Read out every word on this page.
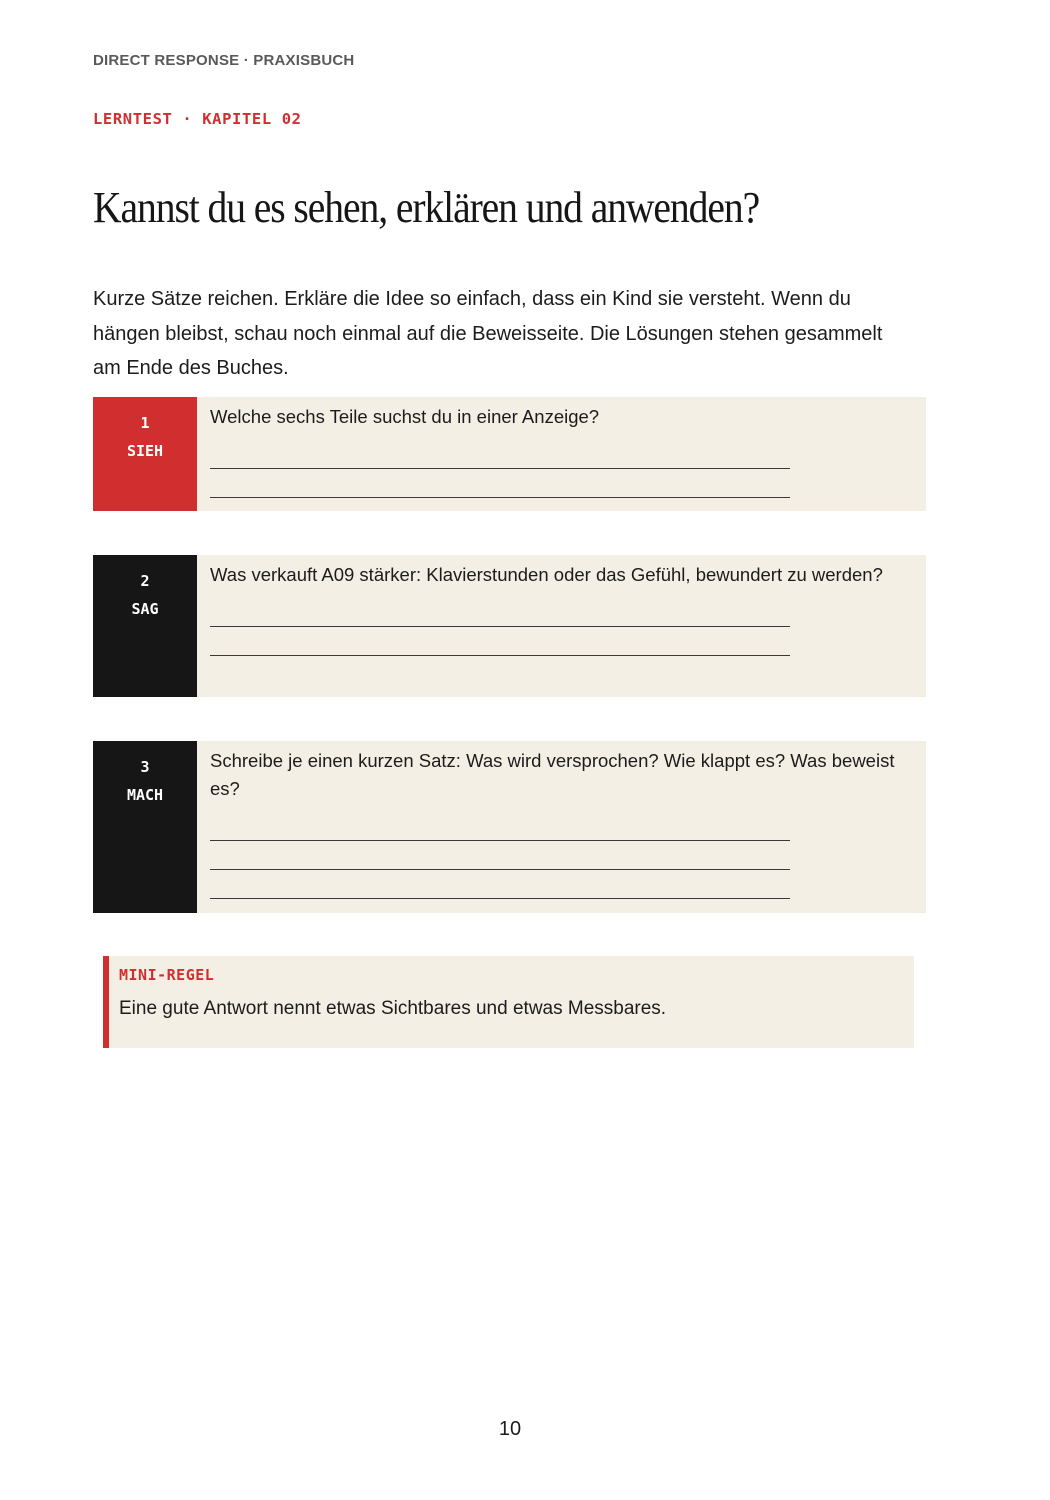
DIRECT RESPONSE · PRAXISBUCH
LERNTEST · KAPITEL 02
Kannst du es sehen, erklären und anwenden?

Kurze Sätze reichen. Erkläre die Idee so einfach, dass ein Kind sie versteht. Wenn du hängen bleibst, schau noch einmal auf die Beweisseite. Die Lösungen stehen gesammelt am Ende des Buches.

1
SIEH

Welche sechs Teile suchst du in einer Anzeige?

2
SAG

Was verkauft A09 stärker: Klavierstunden oder das Gefühl, bewundert zu werden?

3
MACH

Schreibe je einen kurzen Satz: Was wird versprochen? Wie klappt es? Was beweist es?

MINI-REGEL
Eine gute Antwort nennt etwas Sichtbares und etwas Messbares.
10
